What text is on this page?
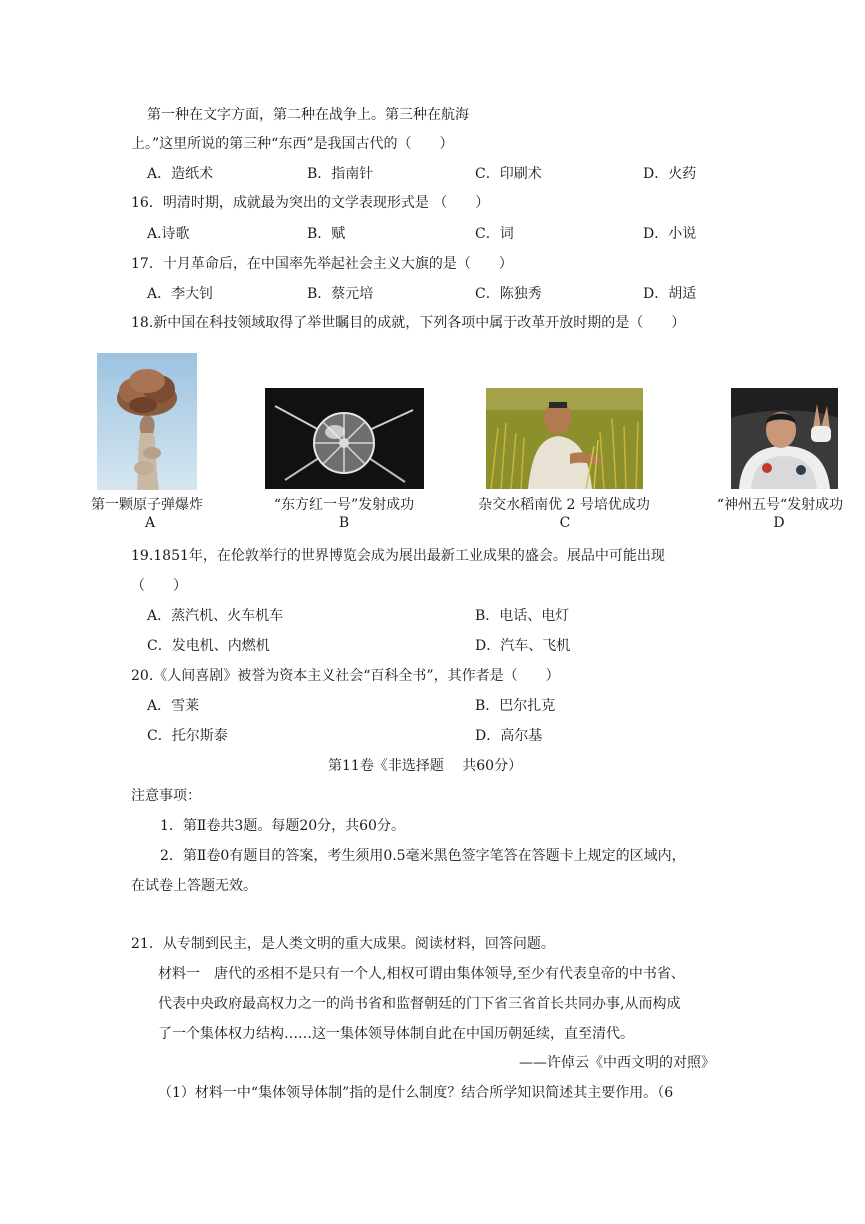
第一种在文字方面，第二种在战争上。第三种在航海
上。”这里所说的第三种“东西”是我国古代的（　　）
A．造纸术	B．指南针	C．印刷术	D．火药
16．明清时期，成就最为突出的文学表现形式是 （　　）
A.诗歌	B．赋	C．词	D．小说
17．十月革命后，在中国率先举起社会主义大旗的是（　　）
A．李大钊	B．蔡元培	C．陈独秀	D．胡适
18.新中国在科技领域取得了举世瞩目的成就，下列各项中属于改革开放时期的是（　　）
第一颗原子弹爆炸
A
“东方红一号”发射成功
B
杂交水稻南优 2 号培优成功
C
“神州五号“发射成功
D
19.1851年，在伦敦举行的世界博览会成为展出最新工业成果的盛会。展品中可能出现
（　　）
A．蒸汽机、火车机车	B．电话、电灯
C．发电机、内燃机	D．汽车、飞机
20.《人间喜剧》被誉为资本主义社会“百科全书”，其作者是（　　）
A．雪莱	B．巴尔扎克
C．托尔斯泰	D．高尔基
第11卷《非选择题　 共60分）
注意事项：
1．第Ⅱ卷共3题。每题20分，共60分。
2．第Ⅱ卷0有题目的答案，考生须用0.5毫米黑色签字笔答在答题卡上规定的区域内，
在试卷上答题无效。
21．从专制到民主，是人类文明的重大成果。阅读材料，回答问题。
材料一　唐代的丞相不是只有一个人,相权可谓由集体领导,至少有代表皇帝的中书省、
代表中央政府最高权力之一的尚书省和监督朝廷的门下省三省首长共同办事,从而构成
了一个集体权力结构……这一集体领导体制自此在中国历朝延续，直至清代。
——许倬云《中西文明的对照》
（1）材料一中“集体领导体制”指的是什么制度？结合所学知识简述其主要作用。（6
